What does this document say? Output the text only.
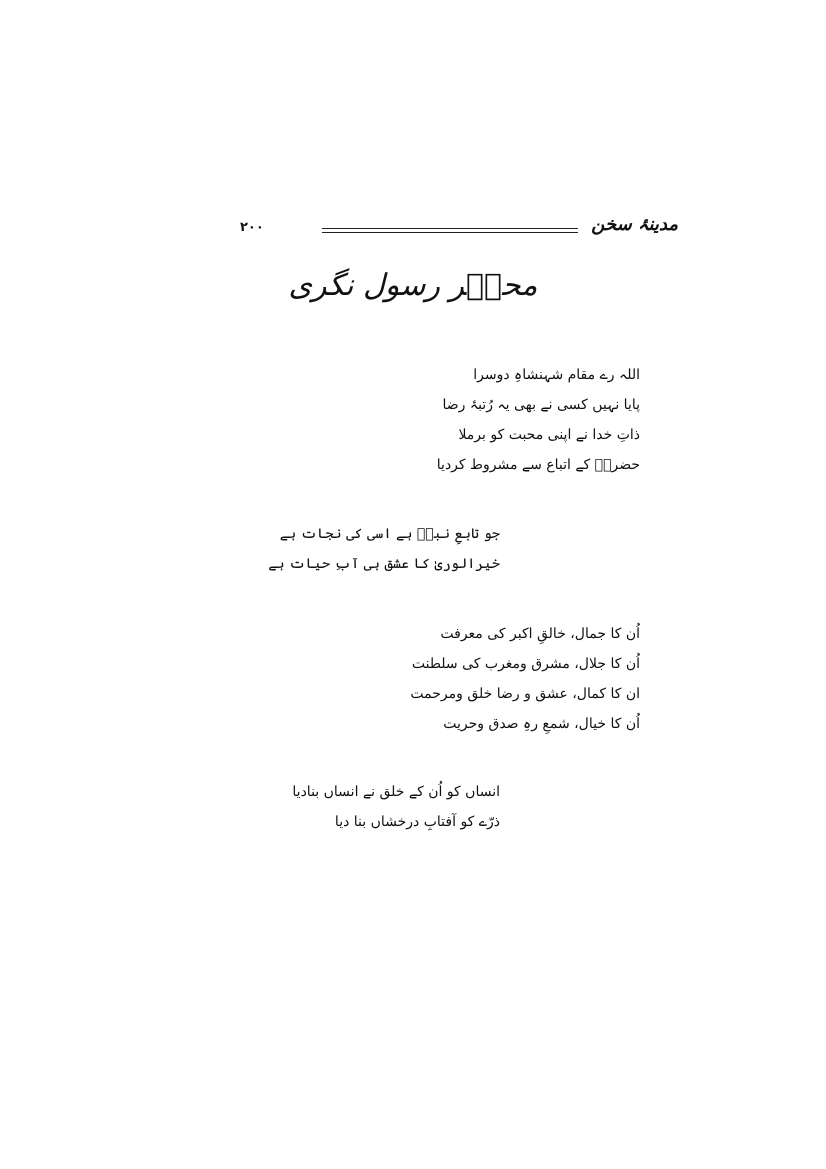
۲۰۰	مدینۂ سخن
محشؔر رسول نگری
اللہ رے مقام شہنشاہِ دوسرا
پایا نہیں کسی نے بھی یہ رُتبۂ رضا
ذاتِ خدا نے اپنی محبت کو برملا
حضرتؐ کے اتباع سے مشروط کردیا
جو تابعِ نبیؐ ہے اسی کی نجات ہے
خیرالوریٰ کا عشق ہی آبِ حیات ہے
اُن کا جمال، خالقِ اکبر کی معرفت
اُن کا جلال، مشرق ومغرب کی سلطنت
ان کا کمال، عشق و رضا خلق ومرحمت
اُن کا خیال، شمعِ رہِ صدق وحریت
انساں کو اُن کے خلق نے انساں بنادیا
ذرّے کو آفتابِ درخشاں بنا دیا
